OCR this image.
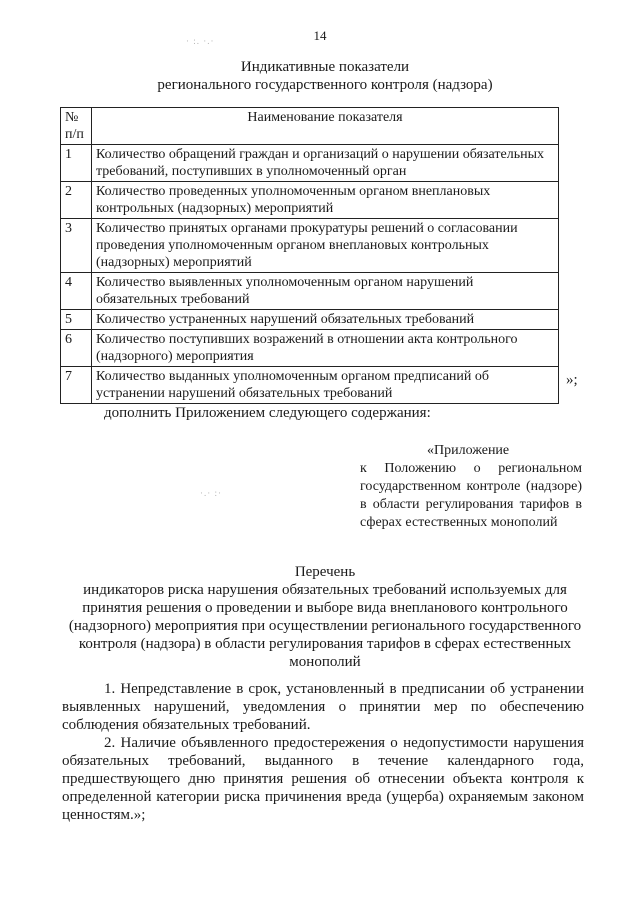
14
· :. ·.·
·.· :·
Индикативные показатели
регионального государственного контроля (надзора)
№ п/п	Наименование показателя
1	Количество обращений граждан и организаций о нарушении обязательных требований, поступивших в уполномоченный орган
2	Количество проведенных уполномоченным органом внеплановых контрольных (надзорных) мероприятий
3	Количество принятых органами прокуратуры решений о согласовании проведения уполномоченным органом внеплановых контрольных (надзорных) мероприятий
4	Количество выявленных уполномоченным органом нарушений обязательных требований
5	Количество устраненных нарушений обязательных требований
6	Количество поступивших возражений в отношении акта контрольного (надзорного) мероприятия
7	Количество выданных уполномоченным органом предписаний об устранении нарушений обязательных требований
»;
дополнить Приложением следующего содержания:
«Приложение
к Положению о региональном государственном контроле (надзоре) в области регулирования тарифов в сферах естественных монополий
Перечень
индикаторов риска нарушения обязательных требований используемых для принятия решения о проведении и выборе вида внепланового контрольного (надзорного) мероприятия при осуществлении регионального государственного контроля (надзора) в области регулирования тарифов в сферах естественных монополий
1. Непредставление в срок, установленный в предписании об устранении выявленных нарушений, уведомления о принятии мер по обеспечению соблюдения обязательных требований.
2. Наличие объявленного предостережения о недопустимости нарушения обязательных требований, выданного в течение календарного года, предшествующего дню принятия решения об отнесении объекта контроля к определенной категории риска причинения вреда (ущерба) охраняемым законом ценностям.»;
